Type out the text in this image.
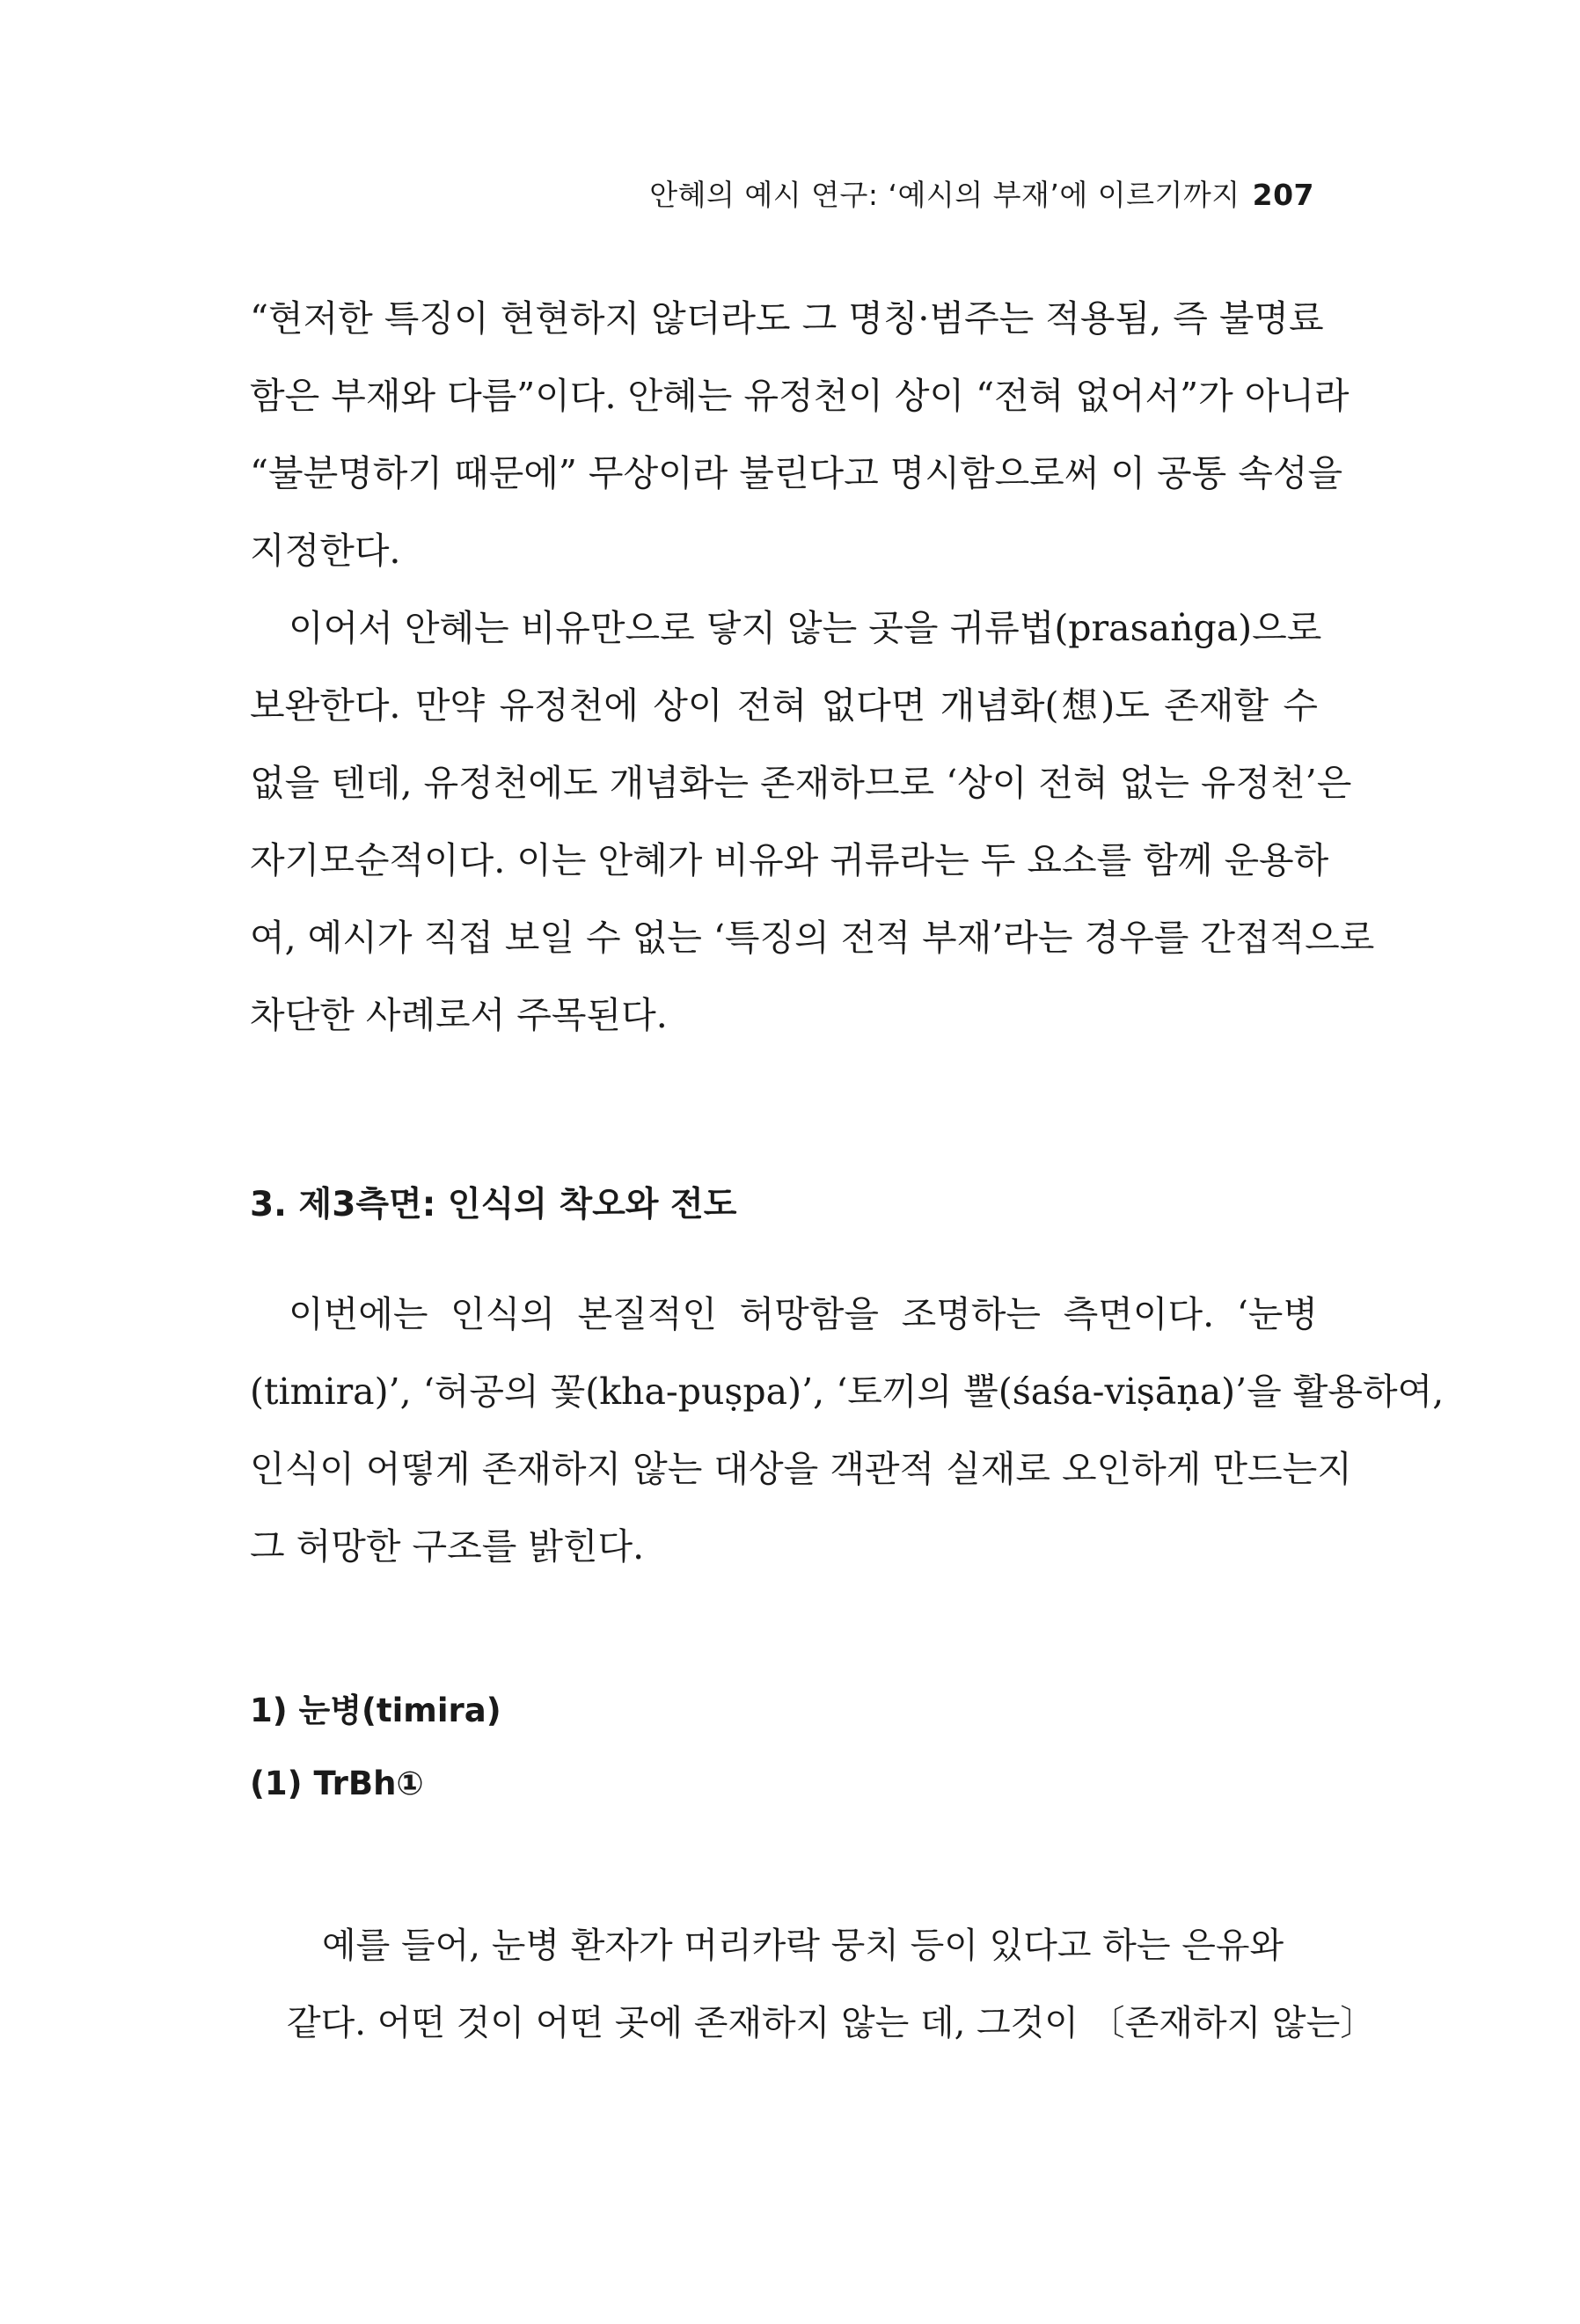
안혜의 예시 연구: ‘예시의 부재’에 이르기까지 207

“현저한 특징이 현현하지 않더라도 그 명칭·범주는 적용됨, 즉 불명료
함은 부재와 다름”이다. 안혜는 유정천이 상이 “전혀 없어서”가 아니라
“불분명하기 때문에” 무상이라 불린다고 명시함으로써 이 공통 속성을
지정한다.

이어서 안혜는 비유만으로 닿지 않는 곳을 귀류법(prasaṅga)으로
보완한다. 만약 유정천에 상이 전혀 없다면 개념화(想)도 존재할 수
없을 텐데, 유정천에도 개념화는 존재하므로 ‘상이 전혀 없는 유정천’은
자기모순적이다. 이는 안혜가 비유와 귀류라는 두 요소를 함께 운용하
여, 예시가 직접 보일 수 없는 ‘특징의 전적 부재’라는 경우를 간접적으로
차단한 사례로서 주목된다.

3. 제3측면: 인식의 착오와 전도

이번에는 인식의 본질적인 허망함을 조명하는 측면이다. ‘눈병
(timira)’, ‘허공의 꽃(kha-puṣpa)’, ‘토끼의 뿔(śaśa-viṣāṇa)’을 활용하여,
인식이 어떻게 존재하지 않는 대상을 객관적 실재로 오인하게 만드는지
그 허망한 구조를 밝힌다.

1) 눈병(timira)
(1) TrBh①
예를 들어, 눈병 환자가 머리카락 뭉치 등이 있다고 하는 은유와
같다. 어떤 것이 어떤 곳에 존재하지 않는 데, 그것이 〔존재하지 않는〕
